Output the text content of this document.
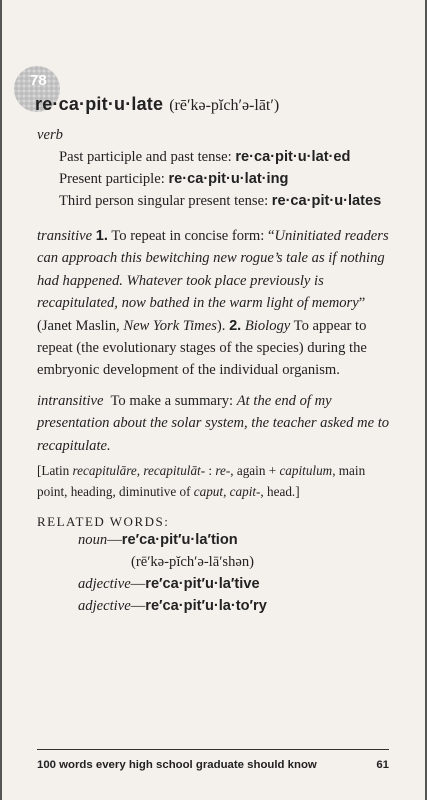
78
re·ca·pit·u·late (rē′kə-pĭch′ə-lāt′)
verb
Past participle and past tense: re·ca·pit·u·lat·ed
Present participle: re·ca·pit·u·lat·ing
Third person singular present tense: re·ca·pit·u·lates
transitive 1. To repeat in concise form: “Uninitiated readers can approach this bewitching new rogue’s tale as if nothing had happened. Whatever took place previously is recapitulated, now bathed in the warm light of memory” (Janet Maslin, New York Times). 2. Biology To appear to repeat (the evolutionary stages of the species) during the embryonic development of the individual organism.
intransitive To make a summary: At the end of my presentation about the solar system, the teacher asked me to recapitulate.
[Latin recapitulāre, recapitulāt- : re-, again + capitulum, main point, heading, diminutive of caput, capit-, head.]
RELATED WORDS:
noun—re′ca·pit′u·la′tion
(rē′kə-pĭch′ə-lā′shən)
adjective—re′ca·pit′u·la′tive
adjective—re′ca·pit′u·la·to′ry
100 words every high school graduate should know	61
